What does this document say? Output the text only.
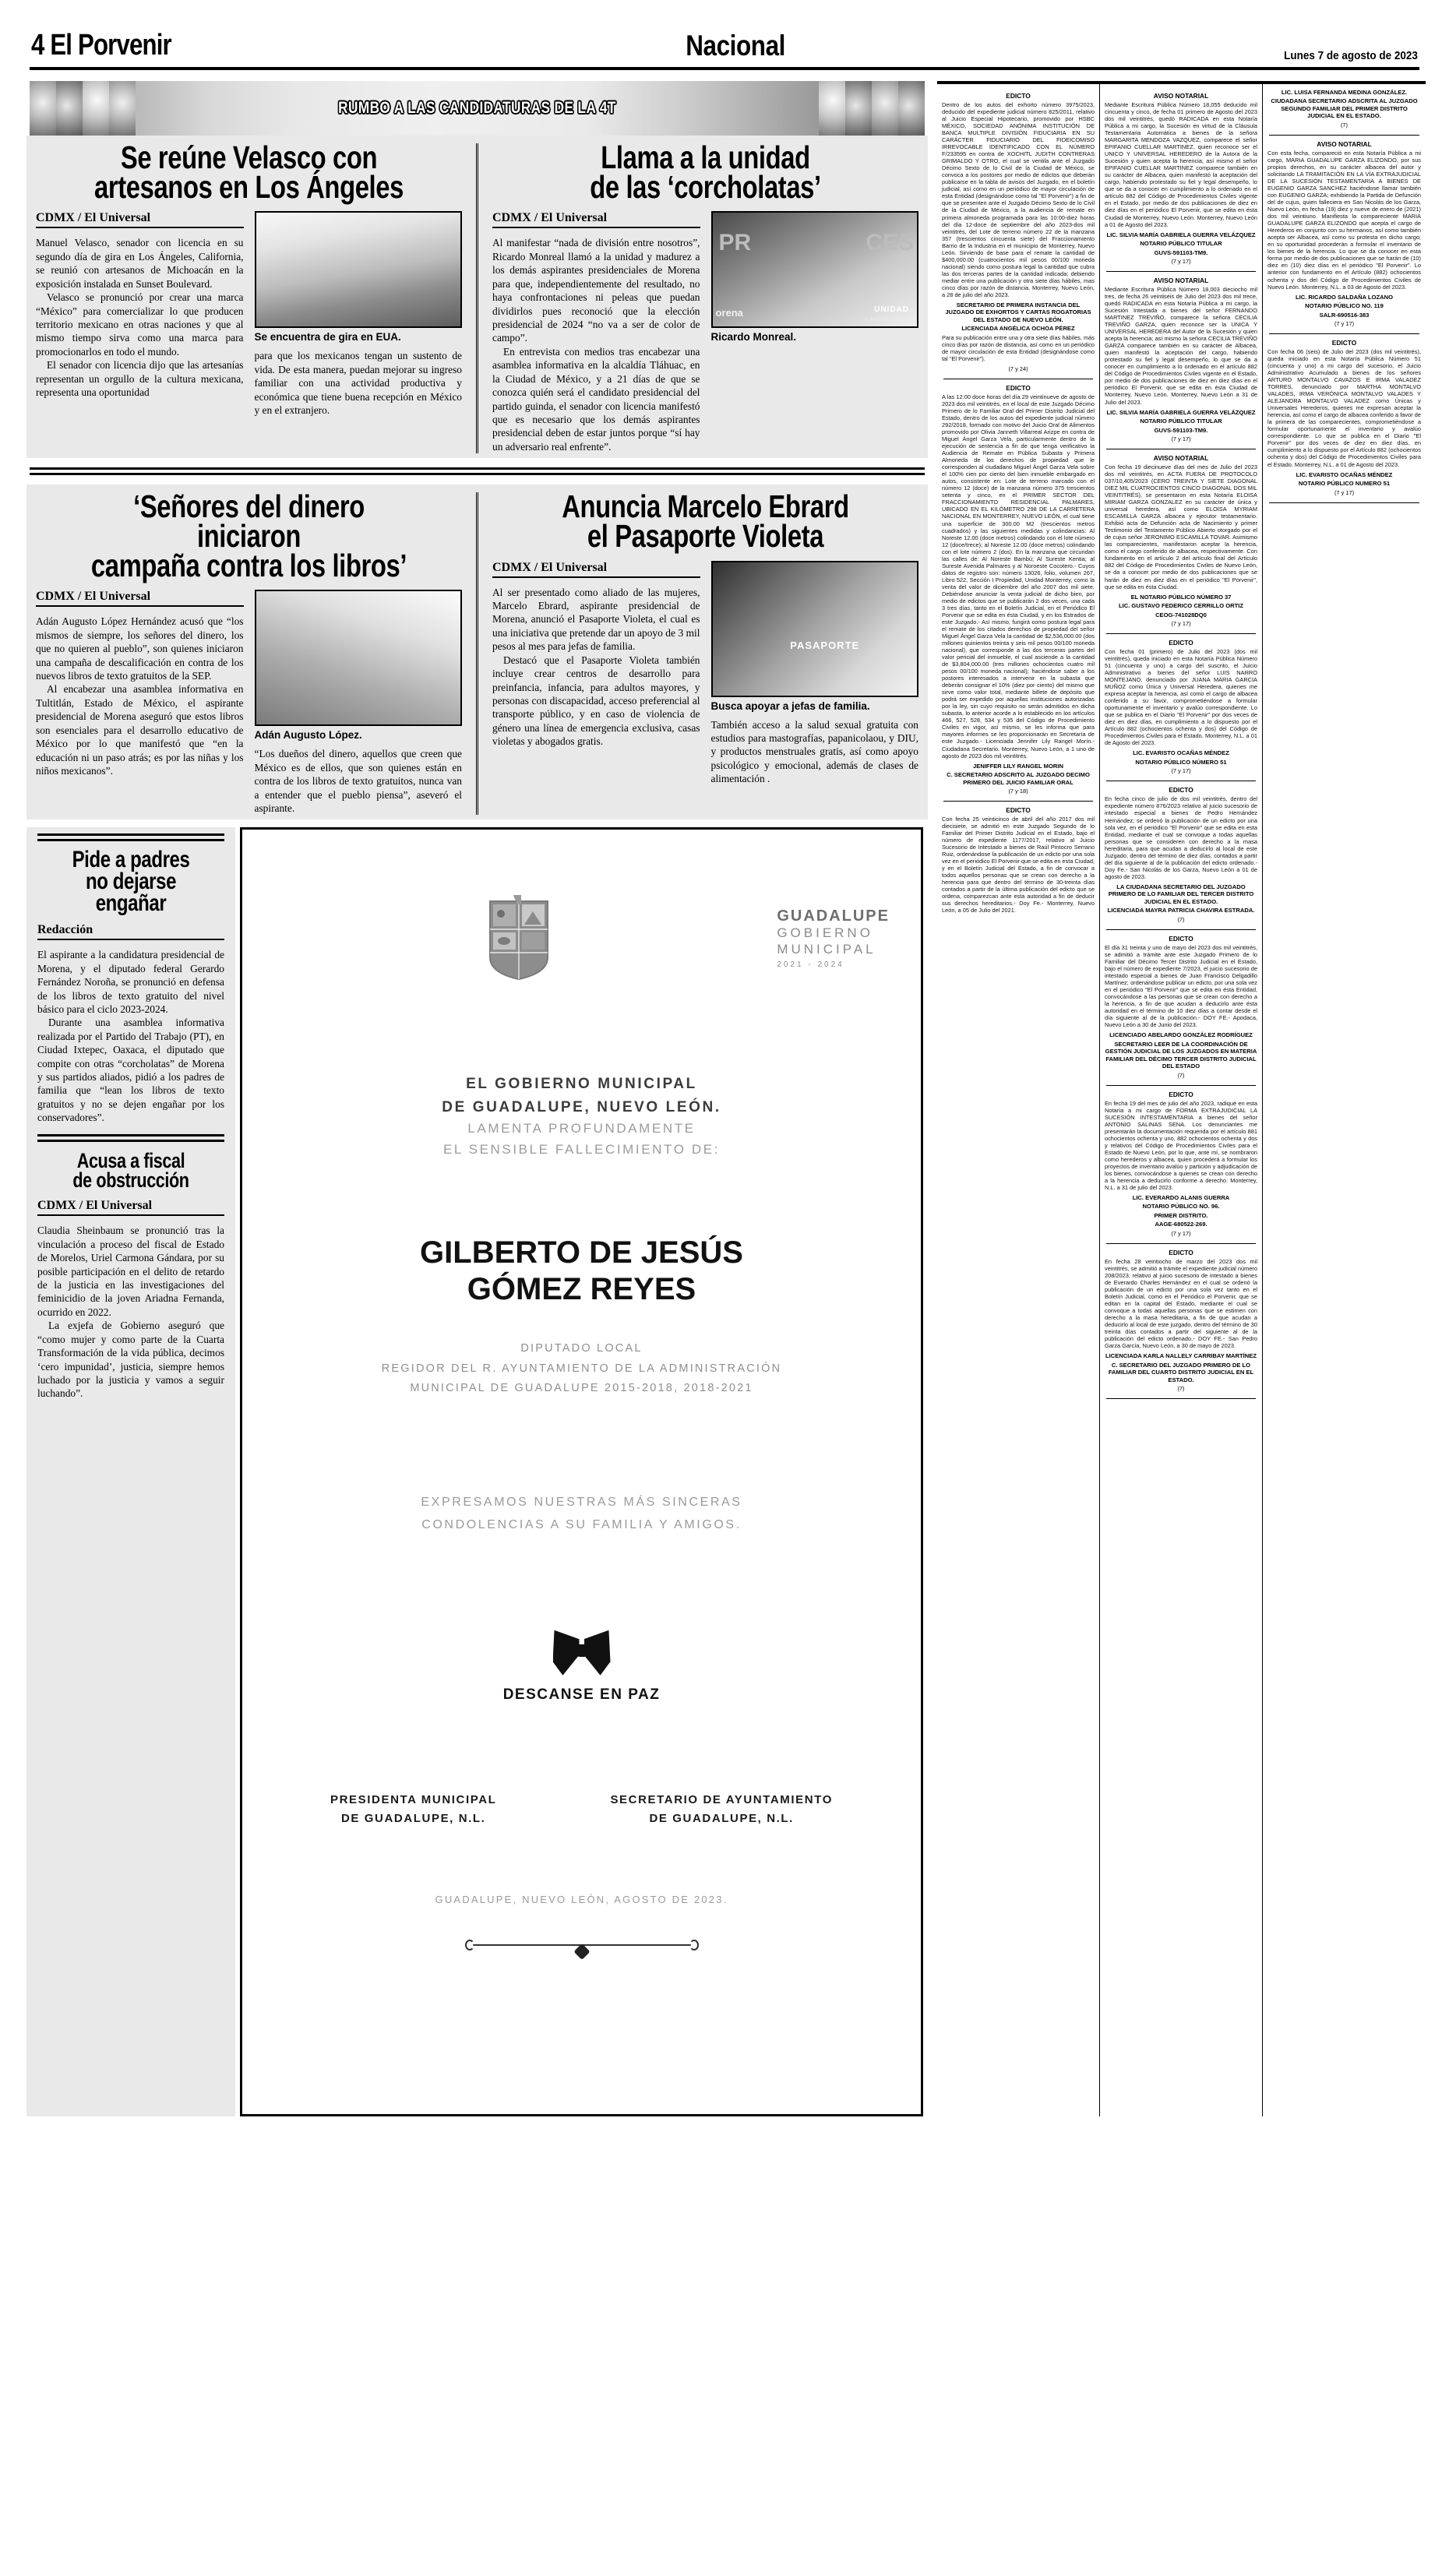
4 El Porvenir	Nacional	Lunes 7 de agosto de 2023
RUMBO A LAS CANDIDATURAS DE LA 4T
Se reúne Velasco con
artesanos en Los Ángeles
CDMX / El Universal

Manuel Velasco, senador con licencia en su segundo día de gira en Los Ángeles, California, se reunió con artesanos de Michoacán en la exposición instalada en Sunset Boulevard.

Velasco se pronunció por crear una marca “México” para comercializar lo que producen territorio mexicano en otras naciones y que al mismo tiempo sirva como una marca para promocionarlos en todo el mundo.

El senador con licencia dijo que las artesanías representan un orgullo de la cultura mexicana, representa una oportunidad

Se encuentra de gira en EUA.

para que los mexicanos tengan un sustento de vida. De esta manera, puedan mejorar su ingreso familiar con una actividad productiva y económica que tiene buena recepción en México y en el extranjero.

Llama a la unidad
de las ‘corcholatas’
CDMX / El Universal

Al manifestar “nada de división entre nosotros”, Ricardo Monreal llamó a la unidad y madurez a los demás aspirantes presidenciales de Morena para que, independientemente del resultado, no haya confrontaciones ni peleas que puedan dividirlos pues reconoció que la elección presidencial de 2024 “no va a ser de color de campo”.

En entrevista con medios tras encabezar una asamblea informativa en la alcaldía Tláhuac, en la Ciudad de México, y a 21 días de que se conozca quién será el candidato presidencial del partido guinda, el senador con licencia manifestó que es necesario que los demás aspirantes presidencial deben de estar juntos porque “sí hay un adversario real enfrente”.

PR	CES
orena	UNIDAD
Y MOVILIZACIÓN
Ricardo Monreal.
‘Señores del dinero iniciaron
campaña contra los libros’
CDMX / El Universal

Adán Augusto López Hernández acusó que “los mismos de siempre, los señores del dinero, los que no quieren al pueblo”, son quienes iniciaron una campaña de descalificación en contra de los nuevos libros de texto gratuitos de la SEP.

Al encabezar una asamblea informativa en Tultitlán, Estado de México, el aspirante presidencial de Morena aseguró que estos libros son esenciales para el desarrollo educativo de México por lo que manifestó que “en la educación ni un paso atrás; es por las niñas y los niños mexicanos”.

Adán Augusto López.

“Los dueños del dinero, aquellos que creen que México es de ellos, que son quienes están en contra de los libros de texto gratuitos, nunca van a entender que el pueblo piensa”, aseveró el aspirante.

Anuncia Marcelo Ebrard
el Pasaporte Violeta
CDMX / El Universal

Al ser presentado como aliado de las mujeres, Marcelo Ebrard, aspirante presidencial de Morena, anunció el Pasaporte Violeta, el cual es una iniciativa que pretende dar un apoyo de 3 mil pesos al mes para jefas de familia.

Destacó que el Pasaporte Violeta también incluye crear centros de desarrollo para preinfancia, infancia, para adultos mayores, y personas con discapacidad, acceso preferencial al transporte público, y en caso de violencia de género una línea de emergencia exclusiva, casas violetas y abogados gratis.

PASAPORTE
Busca apoyar a jefas de familia.

También acceso a la salud sexual gratuita con estudios para mastografías, papanicolaou, y DIU, y productos menstruales gratis, así como apoyo psicológico y emocional, además de clases de alimentación .

Pide a padres
no dejarse
engañar
Redacción

El aspirante a la candidatura presidencial de Morena, y el diputado federal Gerardo Fernández Noroña, se pronunció en defensa de los libros de texto gratuito del nivel básico para el ciclo 2023-2024.

Durante una asamblea informativa realizada por el Partido del Trabajo (PT), en Ciudad Ixtepec, Oaxaca, el diputado que compite con otras “corcholatas” de Morena y sus partidos aliados, pidió a los padres de familia que “lean los libros de texto gratuitos y no se dejen engañar por los conservadores”.

Acusa a fiscal
de obstrucción
CDMX / El Universal

Claudia Sheinbaum se pronunció tras la vinculación a proceso del fiscal de Estado de Morelos, Uriel Carmona Gándara, por su posible participación en el delito de retardo de la justicia en las investigaciones del feminicidio de la joven Ariadna Fernanda, ocurrido en 2022.

La exjefa de Gobierno aseguró que “como mujer y como parte de la Cuarta Transformación de la vida pública, decimos ‘cero impunidad’, justicia, siempre hemos luchado por la justicia y vamos a seguir luchando”.

GUADALUPE
GOBIERNO
MUNICIPAL
2021 - 2024
EL GOBIERNO MUNICIPAL
DE GUADALUPE, NUEVO LEÓN.
LAMENTA PROFUNDAMENTE
EL SENSIBLE FALLECIMIENTO DE:
GILBERTO DE JESÚS
GÓMEZ REYES
DIPUTADO LOCAL
REGIDOR DEL R. AYUNTAMIENTO DE LA ADMINISTRACIÓN
MUNICIPAL DE GUADALUPE 2015-2018, 2018-2021
EXPRESAMOS NUESTRAS MÁS SINCERAS
CONDOLENCIAS A SU FAMILIA Y AMIGOS.
DESCANSE EN PAZ
PRESIDENTA MUNICIPAL
DE GUADALUPE, N.L.
SECRETARIO DE AYUNTAMIENTO
DE GUADALUPE, N.L.
GUADALUPE, NUEVO LEÓN, AGOSTO DE 2023.
EDICTO
Dentro de los autos del exhorto número 3975/2023, deducido del expediente judicial número 825/2011, relativo al Juicio Especial Hipotecario, promovido por HSBC MÉXICO, SOCIEDAD ANÓNIMA INSTITUCIÓN DE BANCA MULTIPLE DIVISIÓN FIDUCIARIA EN SU CARÁCTER FIDUCIARIO DEL FIDEICOMISO IRREVOCABLE IDENTIFICADO CON EL NÚMERO F/233595 en contra de XOCHITL JUDITH CONTRERAS GRIMALDO Y OTRO, el cual se ventila ante el Juzgado Décimo Sexto de lo Civil de la Ciudad de México, se convoca a los postores por medio de edictos que deberán publicarse en la tabla de avisos del Juzgado, en el boletín judicial, así como en un periódico de mayor circulación de esta Entidad (designándose como tal "El Porvenir") a fin de que se presenten ante el Juzgado Décimo Sexto de lo Civil de la Ciudad de México, a la audiencia de remate en primera almoneda programada para las 10:00-diez horas del día 12-doce de septiembre del año 2023-dos mil veintitrés, del Lote de terreno número 22 de la manzana 357 (trescientos cincuenta siete) del Fraccionamiento Barrio de la Industria en el municipio de Monterrey, Nuevo León. Sirviendo de base para el remate la cantidad de $400,000.00 (cuatrocientos mil pesos 00/100 moneda nacional) siendo como postura legal la cantidad que cubra las dos terceras partes de la cantidad indicada; debiendo mediar entre una publicación y otra siete días hábiles, mas cinco días por razón de distancia. Monterrey, Nuevo León, a 28 de julio del año 2023.
SECRETARIO DE PRIMERA INSTANCIA DEL JUZGADO DE EXHORTOS Y CARTAS ROGATORIAS DEL ESTADO DE NUEVO LEÓN.
LICENCIADA ANGÉLICA OCHOA PÉREZ
Para su publicación entre una y otra siete días hábiles, más cinco días por razón de distancia, así como en un periódico de mayor circulación de esta Entidad (designándose como tal "El Porvenir").
(7 y 24)
EDICTO
A las 12:00 doce horas del día 29 veintinueve de agosto de 2023 dos mil veintitrés, en el local de este Juzgado Décimo Primero de lo Familiar Oral del Primer Distrito Judicial del Estado, dentro de los autos del expediente judicial número 292/2018, formado con motivo del Juicio Oral de Alimentos promovido por Olivia Janneth Villarreal Arizpe en contra de Miguel Ángel Garza Vela, particularmente dentro de la ejecución de sentencia a fin de que tenga verificativo la Audiencia de Remate en Pública Subasta y Primera Almoneda de los derechos de propiedad que le corresponden al ciudadano Miguel Ángel Garza Vela sobre el 100% cien por ciento del bien inmueble embargado en autos, consistente en: Lote de terreno marcado con el número 12 (doce) de la manzana número 375 trescientos setenta y cinco, en el PRIMER SECTOR DEL FRACCIONAMIENTO RESIDENCIAL PALMARES, UBICADO EN EL KILÓMETRO 298 DE LA CARRETERA NACIONAL EN MONTERREY, NUEVO LEÓN, el cual tiene una superficie de 300.00 M2 (trescientos metros cuadrados) y las siguientes medidas y colindancias: Al Noreste 12.00 (doce metros) colindando con el lote número 12 (doce/trece); al Noreste 12.00 (doce metros) colindando con el lote número 2 (dos). En la manzana que circundan las calles de: Al Noreste Bambú; Al Sureste Kentia; al Sureste Avenida Palmares y al Noroeste Cocotero.- Cuyos datos de registro son: número 13026, folio, volumen 267, Libro 522, Sección I Propiedad, Unidad Monterrey, como la venta del valor de diciembre del año 2007 dos mil siete. Debiéndose anunciar la venta judicial de dicho bien, por medio de edictos que se publicarán 2 dos veces, una cada 3 tres días, tanto en el Boletín Judicial, en el Periódico El Porvenir que se edita en ésta Ciudad, y en los Estrados de este Juzgado.- Así mismo, fungirá como postura legal para el remate de los citados derechos de propiedad del señor Miguel Ángel Garza Vela la cantidad de $2,536,000.00 (dos millones quinientos treinta y seis mil pesos 00/100 moneda nacional), que corresponde a las dos terceras partes del valor pericial del inmueble, el cual asciende a la cantidad de $3,804,000.00 (tres millones ochocientos cuatro mil pesos 00/100 moneda nacional); haciéndose saber a los postores interesados a intervenir en la subasta que deberán consignar el 10% (diez por ciento) del mismo que sirve como valor total, mediante billete de depósito que podrá ser expedido por aquellas instituciones autorizadas por la ley, sin cuyo requisito no serán admitidos en dicha subasta, lo anterior acorde a lo establecido en los artículos 466, 527, 528, 534 y 535 del Código de Procedimiento Civiles en vigor, así mismo, se les informa que para mayores informes se les proporcionarán en Secretaría de este Juzgado.- Licenciada Jennifer Lily Rangel Morín.-Ciudadana Secretario. Monterrey, Nuevo León, a 1 uno de agosto de 2023 dos mil veintitrés.
JENIFFER LILY RANGEL MORIN
C. SECRETARIO ADSCRITO AL JUZGADO DECIMO PRIMERO DEL JUICIO FAMILIAR ORAL
(7 y 18)
EDICTO
Con fecha 25 veinticinco de abril del año 2017 dos mil diecisiete, se admitió en este Juzgado Segundo de lo Familiar del Primer Distrito Judicial en el Estado, bajo el número de expediente 1177/2017, relativo al Juicio Sucesorio de Intestado a bienes de Raúl Pintocro Serrano Ruiz, ordenándose la publicación de un edicto por una sola vez en el periódico El Porvenir que se edita en esta Ciudad, y en el Boletín Judicial del Estado, a fin de convocar a todos aquellos personas que se crean con derecho a la herencia para que dentro del término de 30-treinta días contados a partir de la última publicación del edicto que se ordena, comparezcan ante esta autoridad a fin de deducir sus derechos hereditarios.- Doy Fe.- Monterrey, Nuevo León, a 05 de Julio del 2021.
AVISO NOTARIAL
Mediante Escritura Pública Número 18,055 deducido mil cincuenta y cinco, de fecha 01 primero de Agosto del 2023 dos mil veintitrés, quedó RADICADA en esta Notaría Pública a mi cargo, la Sucesión en virtud de la Cláusula Testamentaria Automática a bienes de la señora MARGARITA MENDOZA VAZQUEZ, comparece el señor EPIFANIO CUELLAR MARTINEZ, quien reconoce ser el UNICO Y UNIVERSAL HEREDERO de la Autora de la Sucesión y quien acepta la herencia; así mismo el señor EPIFANIO CUELLAR MARTINEZ comparece también en su carácter de Albacea, quien manifestó la aceptación del cargo, habiendo protestado su fiel y legal desempeño, lo que se da a conocer en cumplimiento a lo ordenado en el artículo 882 del Código de Procedimientos Civiles vigente en el Estado, por medio de dos publicaciones de diez en diez días en el periódico El Porvenir, que se edita en ésta Ciudad de Monterrey, Nuevo León. Monterrey, Nuevo León a 01 de Agosto del 2023.
LIC. SILVIA MARÍA GABRIELA GUERRA VELÁZQUEZ
NOTARIO PÚBLICO TITULAR
GUVS-591103-TM9.
(7 y 17)
AVISO NOTARIAL
Mediante Escritura Pública Número 18,003 dieciocho mil tres, de fecha 26 veintiséis de Julio del 2023 dos mil trece, quedó RADICADA en esta Notaría Pública a mi cargo, la Sucesión Intestada a bienes del señor FERNANDO MARTINEZ TREVIÑO, comparece la señora CECILIA TREVIÑO GARZA, quien reconoce ser la UNICA Y UNIVERSAL HEREDERA del Autor de la Sucesión y quien acepta la herencia; así mismo la señora CECILIA TREVIÑO GARZA comparece también en su carácter de Albacea, quien manifestó la aceptación del cargo, habiendo protestado su fiel y legal desempeño, lo que se da a conocer en cumplimiento a lo ordenado en el artículo 882 del Código de Procedimientos Civiles vigente en el Estado, por medio de dos publicaciones de diez en diez días en el periódico El Porvenir, que se edita en ésta Ciudad de Monterrey, Nuevo León. Monterrey, Nuevo León a 31 de Julio del 2023.
LIC. SILVIA MARÍA GABRIELA GUERRA VELÁZQUEZ
NOTARIO PÚBLICO TITULAR
GUVS-591103-TM9.
(7 y 17)
AVISO NOTARIAL
Con fecha 19 diecinueve días del mes de Julio del 2023 dos mil veintitrés, en ACTA FUERA DE PROTOCOLO 037/10,405/2023 (CERO TREINTA Y SIETE DIAGONAL DIEZ MIL CUATROCIENTOS CINCO DIAGONAL DOS MIL VEINTITRÉS), se presentaron en esta Notaría ELOISA MIRIAM GARZA GONZALEZ en su carácter de única y universal heredera, así como ELOISA MYRIAM ESCAMILLA GARZA albacea y ejecutor testamentario. Exhibió acta de Defunción acta de Nacimiento y primer Testimonio del Testamento Público Abierto otorgado por el de cujus señor JERONIMO ESCAMILLA TOVAR. Asimismo las comparecientes, manifestaron aceptar la herencia, como el cargo conferido de albacea, respectivamente. Con fundamento en el artículo 2 del artículo final del Artículo 882 del Código de Procedimientos Civiles de Nuevo León, se da a conocer por medio de dos publicaciones que se harán de diez en diez días en el periódico "El Porvenir", que se edita en ésta Ciudad.
EL NOTARIO PÚBLICO NÚMERO 37
LIC. GUSTAVO FEDERICO CERRILLO ORTIZ
CEOG-741028DQ0
(7 y 17)
EDICTO
Con fecha 01 (primero) de Julio del 2023 (dos mil veintitrés), queda iniciado en esta Notaría Pública Número 51 (cincuenta y uno) a cargo del suscrito, el Juicio Administrativo a bienes del señor LUIS NARRO MONTEJANO, denunciado por JUANA MARIA GARCIA MUÑOZ como Única y Universal Heredera, quienes me expresa aceptar la herencia, así como el cargo de albacea conferido a su favor, comprometiéndose a formular oportunamente el inventario y avalúo correspondiente. Lo que se publica en el Diario "El Porvenir" por dos veces de diez en diez días, en cumplimiento a lo dispuesto por el Artículo 882 (ochocientos ochenta y dos) del Código de Procedimientos Civiles para el Estado. Monterrey, N.L. a 01 de Agosto del 2023.
LIC. EVARISTO OCAÑAS MÉNDEZ
NOTARIO PÚBLICO NÚMERO 51
(7 y 17)
EDICTO
En fecha cinco de julio de dos mil veintitrés, dentro del expediente número 876/2023 relativo al juicio sucesorio de intestado especial a bienes de Pedro Hernández Hernández; se ordenó la publicación de un edicto por una sola vez, en el periódico "El Porvenir" que se edita en esta Entidad, mediante el cual se convoque a todas aquellas personas que se consideren con derecho a la masa hereditaria, para que acudan a deducirlo al local de este Juzgado, dentro del término de diez días, contados a partir del día siguiente al de la publicación del edicto ordenado.- Doy Fe.- San Nicolás de los Garza, Nuevo León a 01 de agosto de 2023.
LA CIUDADANA SECRETARIO DEL JUZGADO PRIMERO DE LO FAMILIAR DEL TERCER DISTRITO JUDICIAL EN EL ESTADO.
LICENCIADA MAYRA PATRICIA CHAVIRA ESTRADA.
(7)
EDICTO
El día 31 treinta y uno de mayo del 2023 dos mil veintitrés, se admitió a trámite ante este Juzgado Primero de lo Familiar del Décimo Tercer Distrito Judicial en el Estado, bajo el número de expediente 7/2023, el juicio sucesorio de intestado especial a bienes de Juan Francisco Delgadillo Martínez; ordenándose publicar un edicto, por una sola vez en el periódico "El Porvenir" que se edita en ésta Entidad, convocándose a las personas que se crean con derecho a la herencia, a fin de que acudan a deducirlo ante ésta autoridad en el término de 10 diez días a contar desde el día siguiente al de la publicación.- DOY FE.- Apodaca, Nuevo León a 30 de Junio del 2023.
LICENCIADO ABELARDO GONZÁLEZ RODRÍGUEZ
SECRETARIO LEER DE LA COORDINACIÓN DE GESTIÓN JUDICIAL DE LOS JUZGADOS EN MATERIA FAMILIAR DEL DÉCIMO TERCER DISTRITO JUDICIAL DEL ESTADO
(7)
EDICTO
En fecha 19 del mes de julio del año 2023, radiqué en esta Notaría a mi cargo de FORMA EXTRAJUDICIAL LA SUCESIÓN INTESTAMENTARIA a bienes del señor ANTONIO SALINAS SENA. Los denunciantes me presentarán la documentación requerida por el artículo 881 ochocientos ochenta y uno, 882 ochocientos ochenta y dos y relativos del Código de Procedimientos Civiles para el Estado de Nuevo León, por lo que, ante mí, se nombraron como herederos y albacea, quien procederá a formular los proyectos de inventario avalúo y partición y adjudicación de los bienes, convocándose a quienes se crean con derecho a la herencia a deducirlo conforme a derecho. Monterrey, N.L. a 31 de julio del 2023.
LIC. EVERARDO ALANIS GUERRA
NOTARIO PÚBLICO NO. 96.
PRIMER DISTRITO.
AAGE-680522-269.
(7 y 17)
EDICTO
En fecha 28 veintiocho de marzo del 2023 dos mil veintitrés, se admitió a trámite el expediente judicial número 208/2023, relativo al juicio sucesorio de intestado a bienes de Everardo Charles Hernández en el cual se ordenó la publicación de un edicto por una sola vez tanto en el Boletín Judicial, como en el Periódico el Porvenir, que se editan en la capital del Estado, mediante el cual se convoque a todas aquellas personas que se estimen con derecho a la masa hereditaria, a fin de que acudan a deducirlo al local de este juzgado, dentro del término de 30 treinta días contados a partir del siguiente al de la publicación del edicto ordenado.- DOY FE.- San Pedro Garza García, Nuevo León, a 30 de mayo de 2023.
LICENCIADA KARLA NALLELY CARRIBAY MARTÍNEZ
C. SECRETARIO DEL JUZGADO PRIMERO DE LO FAMILIAR DEL CUARTO DISTRITO JUDICIAL EN EL ESTADO.
(7)
LIC. LUISA FERNANDA MEDINA GONZÁLEZ.
CIUDADANA SECRETARIO ADSCRITA AL JUZGADO SEGUNDO FAMILIAR DEL PRIMER DISTRITO JUDICIAL EN EL ESTADO.
(7)
AVISO NOTARIAL
Con esta fecha, compareció en esta Notaría Pública a mi cargo, MARIA GUADALUPE GARZA ELIZONDO, por sus propios derechos, en su carácter albacea del autor y solicitando LA TRAMITACIÓN EN LA VÍA EXTRAJUDICIAL DE LA SUCESIÓN TESTAMENTARIA A BIENES DE EUGENIO GARZA SANCHEZ haciéndose llamar también con EUGENIO GARZA; exhibiendo la Partida de Defunción del de cujus, quien falleciera en San Nicolás de los Garza, Nuevo León, en fecha (19) diez y nueve de enero de (2021) dos mil veintiuno. Manifiesta la compareciente MARIA GUADALUPE GARZA ELIZONDO que acepta el cargo de Herederos en conjunto con su hermanos, así como también acepta ser Albacea, así como su protesta en dicho cargo; en su oportunidad procederán a formular el inventario de los bienes de la herencia. Lo que se da conocer en esta forma por medio de dos publicaciones que se harán de (10) diez en (10) diez días en el periódico "El Porvenir". Lo anterior con fundamento en el Artículo (882) ochocientos ochenta y dos del Código de Procedimientos Civiles de Nuevo León. Monterrey, N.L. a 03 de Agosto del 2023.
LIC. RICARDO SALDAÑA LOZANO
NOTARIO PÚBLICO NO. 119
SALR-690516-383
(7 y 17)
EDICTO
Con fecha 06 (seis) de Julio del 2023 (dos mil veintitrés), queda iniciado en esta Notaría Pública Número 51 (cincuenta y uno) a mi cargo del sucesorio, el Juicio Administrativo Acumulado a bienes de los señores ARTURO MONTALVO CAVAZOS E IRMA VALADEZ TORRES, denunciado por MARTHA MONTALVO VALADES, IRMA VERÓNICA MONTALVO VALADES Y ALEJANDRA MONTALVO VALADEZ como Únicas y Universales Herederos, quienes me expresan aceptar la herencia, así como el cargo de albacea conferido a favor de la primera de las comparecientes, comprometiéndose a formular oportunamente el inventario y avalúo correspondiente. Lo que se publica en el Diario "El Porvenir" por dos veces de diez en diez días, en cumplimiento a lo dispuesto por el Artículo 882 (ochocientos ochenta y dos) del Código de Procedimientos Civiles para el Estado. Monterrey, N.L. a 01 de Agosto del 2023.
LIC. EVARISTO OCAÑAS MÉNDEZ
NOTARIO PÚBLICO NUMERO 51
(7 y 17)
